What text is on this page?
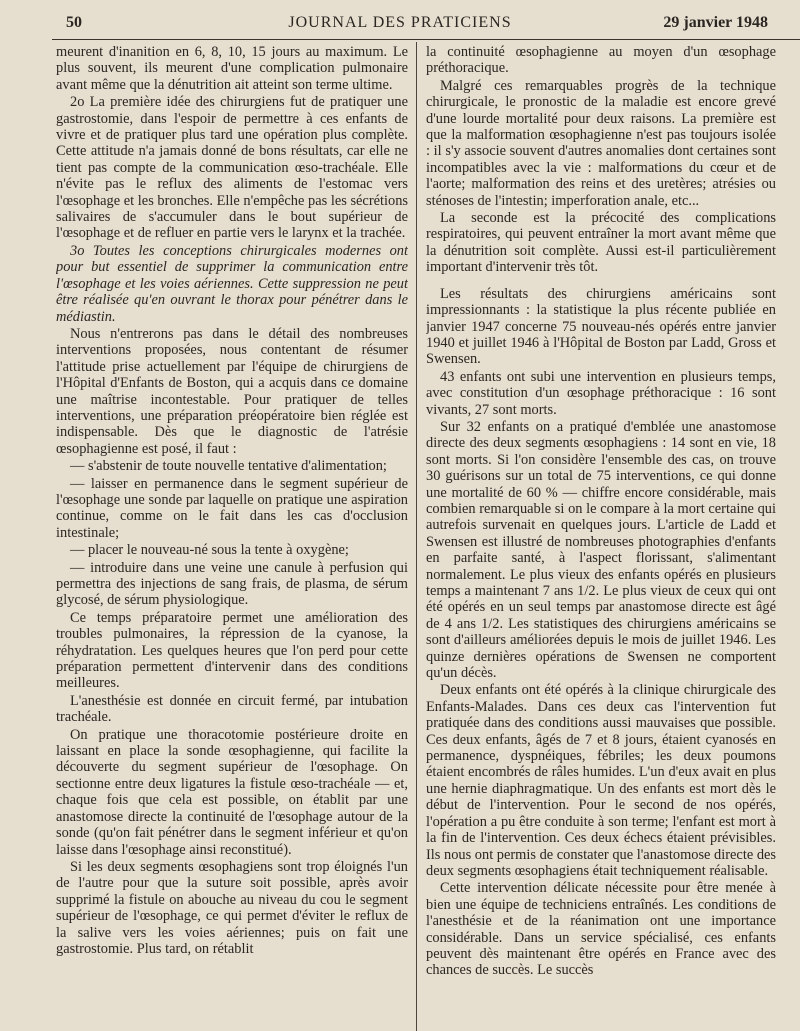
50	JOURNAL DES PRATICIENS	29 janvier 1948

meurent d'inanition en 6, 8, 10, 15 jours au maximum. Le plus souvent, ils meurent d'une complication pulmonaire avant même que la dénutrition ait atteint son terme ultime.

2o La première idée des chirurgiens fut de pratiquer une gastrostomie, dans l'espoir de permettre à ces enfants de vivre et de pratiquer plus tard une opération plus complète. Cette attitude n'a jamais donné de bons résultats, car elle ne tient pas compte de la communication œso-trachéale. Elle n'évite pas le reflux des aliments de l'estomac vers l'œsophage et les bronches. Elle n'empêche pas les sécrétions salivaires de s'accumuler dans le bout supérieur de l'œsophage et de refluer en partie vers le larynx et la trachée.

3o Toutes les conceptions chirurgicales modernes ont pour but essentiel de supprimer la communication entre l'œsophage et les voies aériennes. Cette suppression ne peut être réalisée qu'en ouvrant le thorax pour pénétrer dans le médiastin.

Nous n'entrerons pas dans le détail des nombreuses interventions proposées, nous contentant de résumer l'attitude prise actuellement par l'équipe de chirurgiens de l'Hôpital d'Enfants de Boston, qui a acquis dans ce domaine une maîtrise incontestable. Pour pratiquer de telles interventions, une préparation préopératoire bien réglée est indispensable. Dès que le diagnostic de l'atrésie œsophagienne est posé, il faut :

— s'abstenir de toute nouvelle tentative d'alimentation;

— laisser en permanence dans le segment supérieur de l'œsophage une sonde par laquelle on pratique une aspiration continue, comme on le fait dans les cas d'occlusion intestinale;

— placer le nouveau-né sous la tente à oxygène;

— introduire dans une veine une canule à perfusion qui permettra des injections de sang frais, de plasma, de sérum glycosé, de sérum physiologique.

Ce temps préparatoire permet une amélioration des troubles pulmonaires, la répression de la cyanose, la réhydratation. Les quelques heures que l'on perd pour cette préparation permettent d'intervenir dans des conditions meilleures.

L'anesthésie est donnée en circuit fermé, par intubation trachéale.

On pratique une thoracotomie postérieure droite en laissant en place la sonde œsophagienne, qui facilite la découverte du segment supérieur de l'œsophage. On sectionne entre deux ligatures la fistule œso-trachéale — et, chaque fois que cela est possible, on établit par une anastomose directe la continuité de l'œsophage autour de la sonde (qu'on fait pénétrer dans le segment inférieur et qu'on laisse dans l'œsophage ainsi reconstitué).

Si les deux segments œsophagiens sont trop éloignés l'un de l'autre pour que la suture soit possible, après avoir supprimé la fistule on abouche au niveau du cou le segment supérieur de l'œsophage, ce qui permet d'éviter le reflux de la salive vers les voies aériennes; puis on fait une gastrostomie. Plus tard, on rétablit

la continuité œsophagienne au moyen d'un œsophage préthoracique.

Malgré ces remarquables progrès de la technique chirurgicale, le pronostic de la maladie est encore grevé d'une lourde mortalité pour deux raisons. La première est que la malformation œsophagienne n'est pas toujours isolée : il s'y associe souvent d'autres anomalies dont certaines sont incompatibles avec la vie : malformations du cœur et de l'aorte; malformation des reins et des uretères; atrésies ou sténoses de l'intestin; imperforation anale, etc...

La seconde est la précocité des complications respiratoires, qui peuvent entraîner la mort avant même que la dénutrition soit complète. Aussi est-il particulièrement important d'intervenir très tôt.

Les résultats des chirurgiens américains sont impressionnants : la statistique la plus récente publiée en janvier 1947 concerne 75 nouveau-nés opérés entre janvier 1940 et juillet 1946 à l'Hôpital de Boston par Ladd, Gross et Swensen.

43 enfants ont subi une intervention en plusieurs temps, avec constitution d'un œsophage préthoracique : 16 sont vivants, 27 sont morts.

Sur 32 enfants on a pratiqué d'emblée une anastomose directe des deux segments œsophagiens : 14 sont en vie, 18 sont morts. Si l'on considère l'ensemble des cas, on trouve 30 guérisons sur un total de 75 interventions, ce qui donne une mortalité de 60 % — chiffre encore considérable, mais combien remarquable si on le compare à la mort certaine qui autrefois survenait en quelques jours. L'article de Ladd et Swensen est illustré de nombreuses photographies d'enfants en parfaite santé, à l'aspect florissant, s'alimentant normalement. Le plus vieux des enfants opérés en plusieurs temps a maintenant 7 ans 1/2. Le plus vieux de ceux qui ont été opérés en un seul temps par anastomose directe est âgé de 4 ans 1/2. Les statistiques des chirurgiens américains se sont d'ailleurs améliorées depuis le mois de juillet 1946. Les quinze dernières opérations de Swensen ne comportent qu'un décès.

Deux enfants ont été opérés à la clinique chirurgicale des Enfants-Malades. Dans ces deux cas l'intervention fut pratiquée dans des conditions aussi mauvaises que possible. Ces deux enfants, âgés de 7 et 8 jours, étaient cyanosés en permanence, dyspnéiques, fébriles; les deux poumons étaient encombrés de râles humides. L'un d'eux avait en plus une hernie diaphragmatique. Un des enfants est mort dès le début de l'intervention. Pour le second de nos opérés, l'opération a pu être conduite à son terme; l'enfant est mort à la fin de l'intervention. Ces deux échecs étaient prévisibles. Ils nous ont permis de constater que l'anastomose directe des deux segments œsophagiens était techniquement réalisable.

Cette intervention délicate nécessite pour être menée à bien une équipe de techniciens entraînés. Les conditions de l'anesthésie et de la réanimation ont une importance considérable. Dans un service spécialisé, ces enfants peuvent dès maintenant être opérés en France avec des chances de succès. Le succès
